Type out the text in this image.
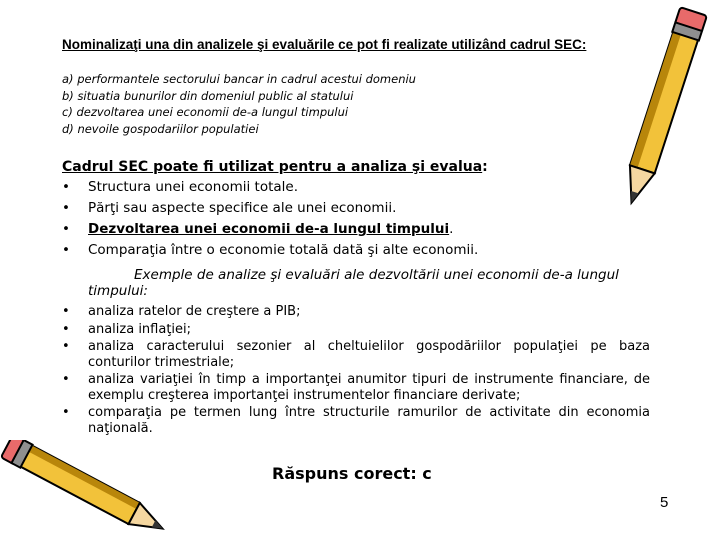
Nominalizaţi una din analizele şi evaluările ce pot fi realizate utilizând cadrul SEC:
a) performantele sectorului bancar in cadrul acestui domeniu
b) situatia bunurilor din domeniul public al statului
c) dezvoltarea unei economii de-a lungul timpului
d) nevoile gospodariilor populatiei
Cadrul SEC poate fi utilizat pentru a analiza şi evalua:
•	Structura unei economii totale.
•	Părţi sau aspecte specifice ale unei economii.
•	Dezvoltarea unei economii de-a lungul timpului.
•	Comparaţia între o economie totală dată şi alte economii.
Exemple de analize şi evaluări ale dezvoltării unei economii de-a lungul
timpului:
•	analiza ratelor de creştere a PIB;
•	analiza inflaţiei;
•	analiza caracterului sezonier al cheltuielilor gospodăriilor populaţiei pe baza conturilor trimestriale;
•	analiza variaţiei în timp a importanţei anumitor tipuri de instrumente financiare, de exemplu creşterea importanţei instrumentelor financiare derivate;
•	comparaţia pe termen lung între structurile ramurilor de activitate din economia naţională.
Răspuns corect: c
5
